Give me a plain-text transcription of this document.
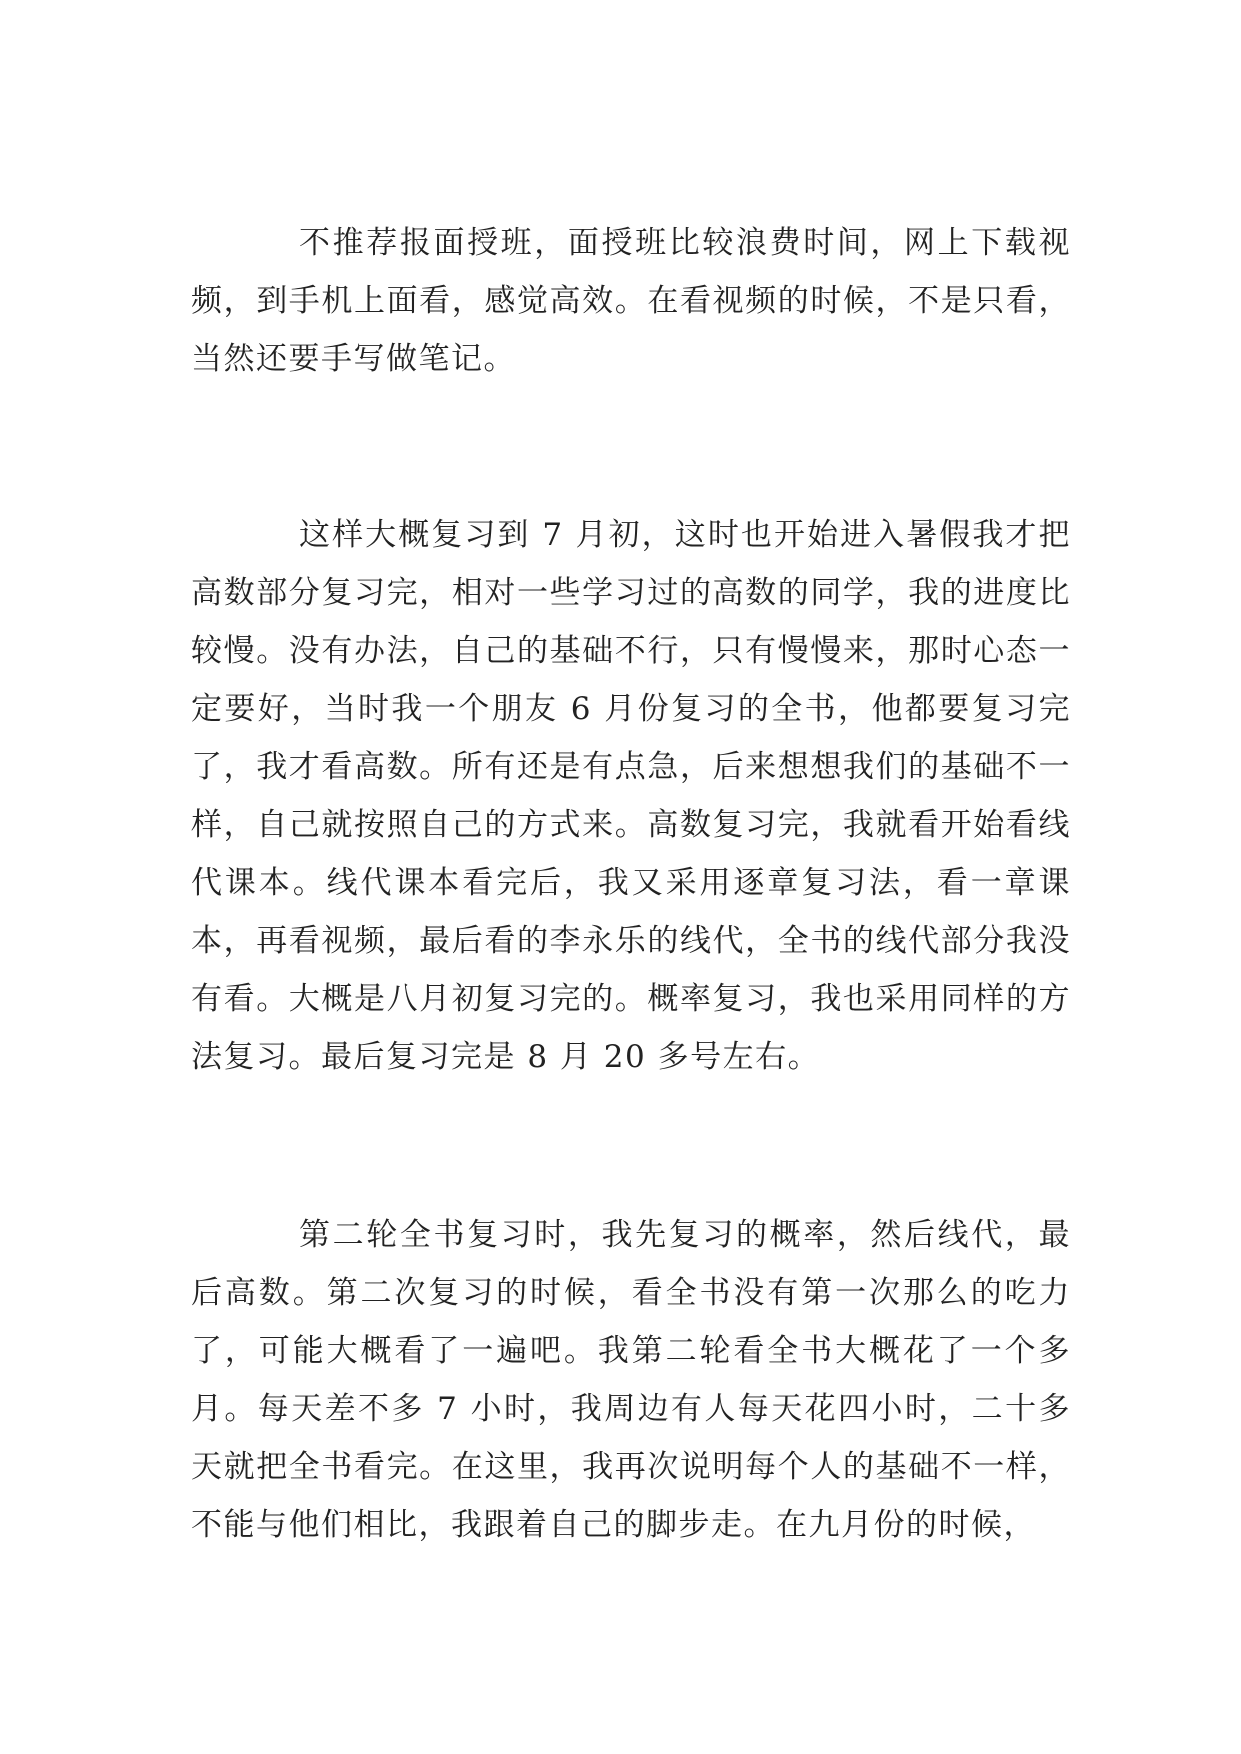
不推荐报面授班，面授班比较浪费时间，网上下载视频，到手机上面看，感觉高效。在看视频的时候，不是只看，当然还要手写做笔记。

这样大概复习到 7 月初，这时也开始进入暑假我才把高数部分复习完，相对一些学习过的高数的同学，我的进度比较慢。没有办法，自己的基础不行，只有慢慢来，那时心态一定要好，当时我一个朋友 6 月份复习的全书，他都要复习完了，我才看高数。所有还是有点急，后来想想我们的基础不一样，自己就按照自己的方式来。高数复习完，我就看开始看线代课本。线代课本看完后，我又采用逐章复习法，看一章课本，再看视频，最后看的李永乐的线代，全书的线代部分我没有看。大概是八月初复习完的。概率复习，我也采用同样的方法复习。最后复习完是 8 月 20 多号左右。

第二轮全书复习时，我先复习的概率，然后线代，最后高数。第二次复习的时候，看全书没有第一次那么的吃力了，可能大概看了一遍吧。我第二轮看全书大概花了一个多月。每天差不多 7 小时，我周边有人每天花四小时，二十多天就把全书看完。在这里，我再次说明每个人的基础不一样，不能与他们相比，我跟着自己的脚步走。在九月份的时候，
